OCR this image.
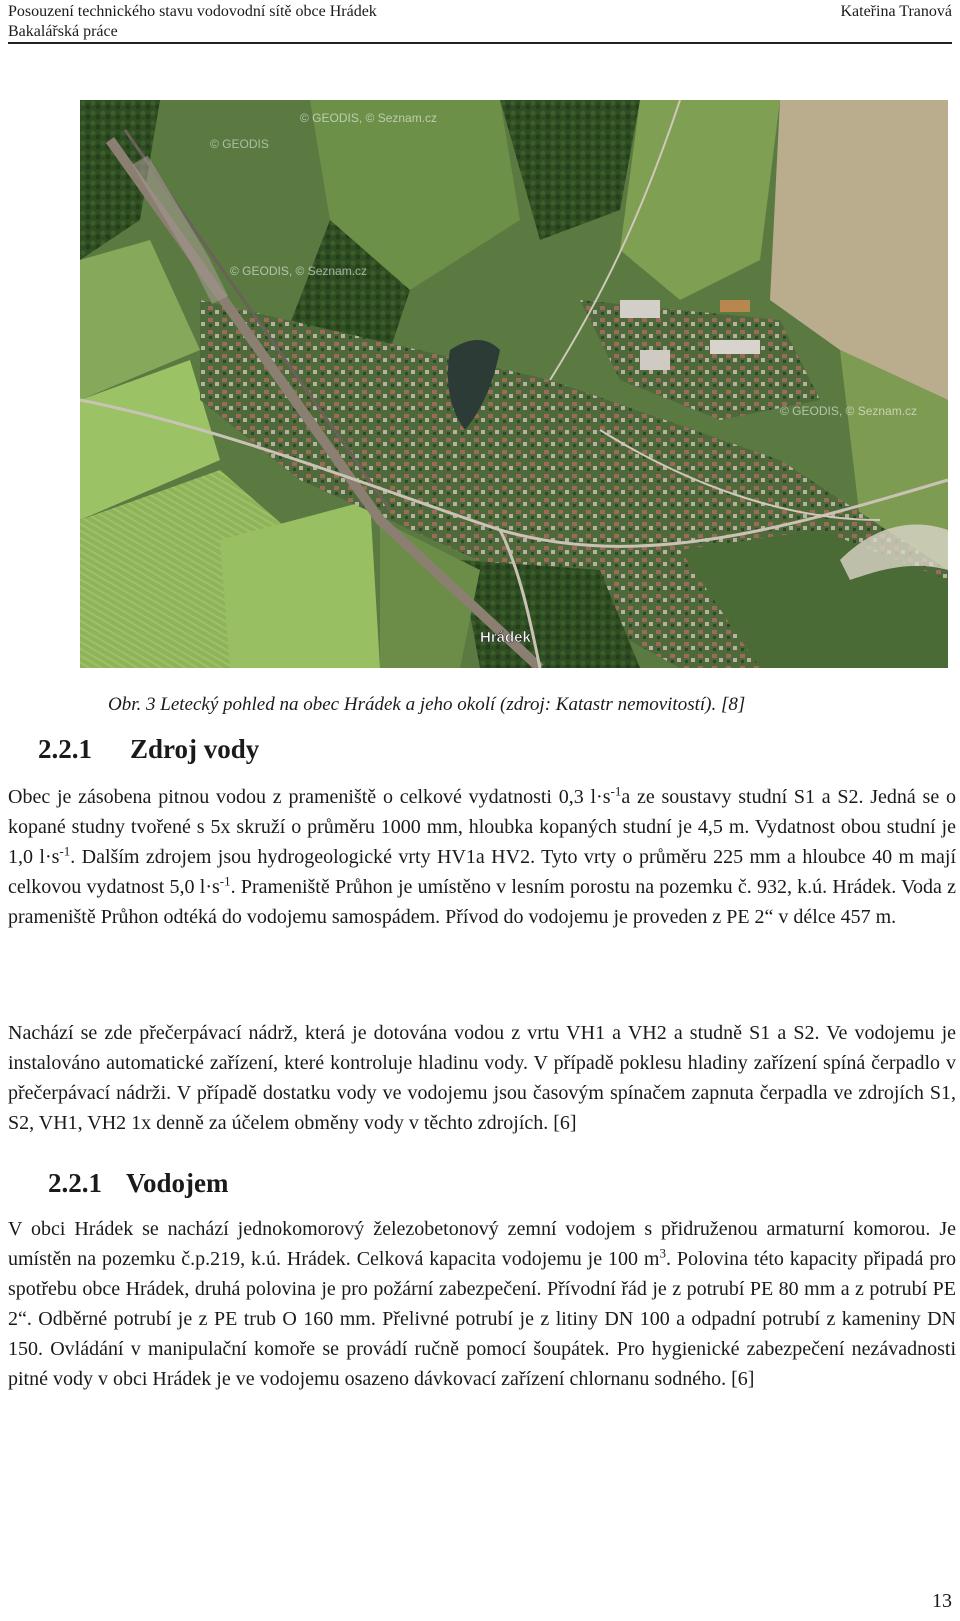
Posouzení technického stavu vodovodní sítě obce Hrádek
Bakalářská práce
Kateřina Tranová
© GEODIS, © Seznam.cz
© GEODIS, © Seznam.cz
© GEODIS, © Seznam.cz
© GEODIS
Hrádek
Obr. 3 Letecký pohled na obec Hrádek a jeho okolí (zdroj: Katastr nemovitostí). [8]
2.2.1 Zdroj vody

Obec je zásobena pitnou vodou z prameniště o celkové vydatnosti 0,3 $l\cdot s^{-1}a$ ze soustavy studní S1 a S2. Jedná se o kopané studny tvořené s 5x skruží o průměru 1000 mm, hloubka kopaných studní je 4,5 m. Vydatnost obou studní je 1,0 $l\cdot s^{-1}$. Dalším zdrojem jsou hydrogeologické vrty HV1a HV2. Tyto vrty o průměru 225 mm a hloubce 40 m mají celkovou vydatnost 5,0 $l\cdot s^{-1}$. Prameniště Průhon je umístěno v lesním porostu na pozemku č. 932, k.ú. Hrádek. Voda z prameniště Průhon odtéká do vodojemu samospádem. Přívod do vodojemu je proveden z PE 2“ v délce 457 m.

Nachází se zde přečerpávací nádrž, která je dotována vodou z vrtu VH1 a VH2 a studně S1 a S2. Ve vodojemu je instalováno automatické zařízení, které kontroluje hladinu vody. V případě poklesu hladiny zařízení spíná čerpadlo v přečerpávací nádrži. V případě dostatku vody ve vodojemu jsou časovým spínačem zapnuta čerpadla ve zdrojích S1, S2, VH1, VH2 1x denně za účelem obměny vody v těchto zdrojích. [6]

2.2.1 Vodojem

V obci Hrádek se nachází jednokomorový železobetonový zemní vodojem s přidruženou armaturní komorou. Je umístěn na pozemku č.p.219, k.ú. Hrádek. Celková kapacita vodojemu je 100 $m^3$. Polovina této kapacity připadá pro spotřebu obce Hrádek, druhá polovina je pro požární zabezpečení. Přívodní řád je z potrubí PE 80 mm a z potrubí PE 2“. Odběrné potrubí je z PE trub O 160 mm. Přelivné potrubí je z litiny DN 100 a odpadní potrubí z kameniny DN 150. Ovládání v manipulační komoře se provádí ručně pomocí šoupátek. Pro hygienické zabezpečení nezávadnosti pitné vody v obci Hrádek je ve vodojemu osazeno dávkovací zařízení chlornanu sodného. [6]

13
